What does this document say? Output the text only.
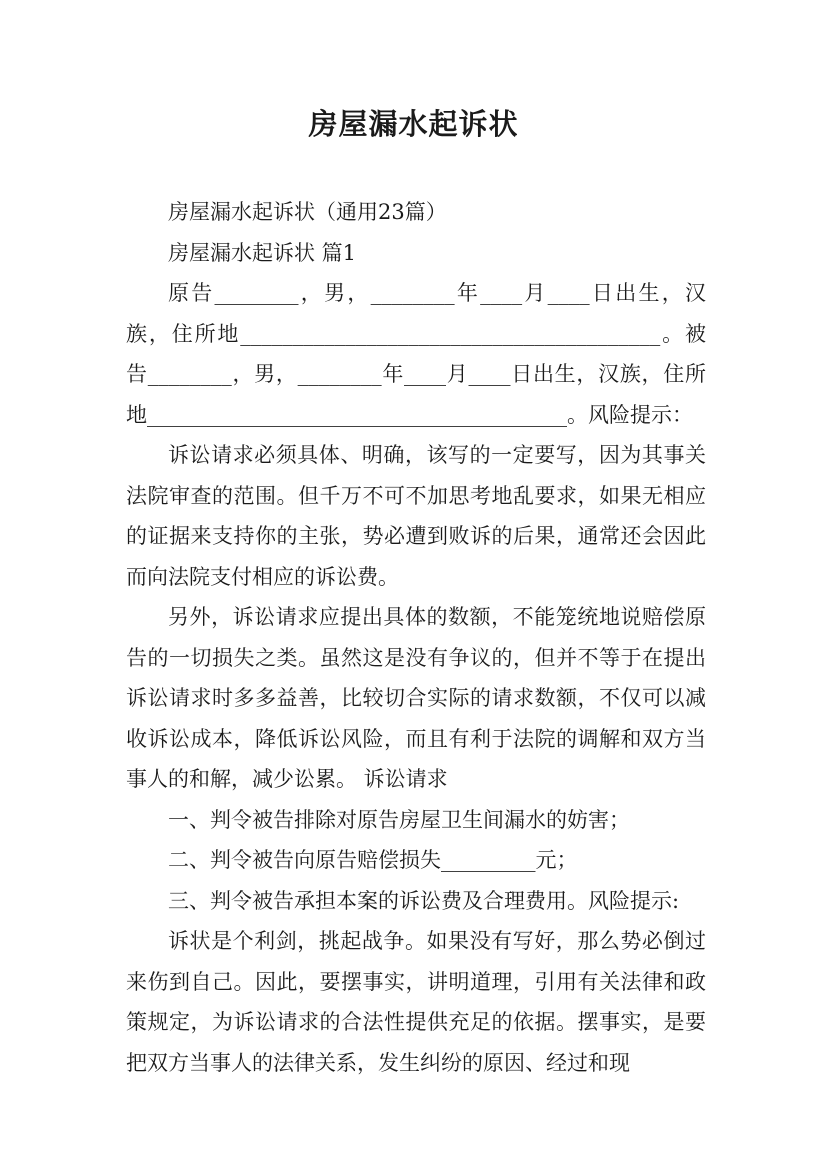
房屋漏水起诉状

房屋漏水起诉状（通用23篇）

房屋漏水起诉状 篇1

原告________，男，________年____月____日出生，汉族，住所地________________________________________。被告________，男，________年____月____日出生，汉族，住所地________________________________________。风险提示：

诉讼请求必须具体、明确，该写的一定要写，因为其事关法院审查的范围。但千万不可不加思考地乱要求，如果无相应的证据来支持你的主张，势必遭到败诉的后果，通常还会因此而向法院支付相应的诉讼费。

另外，诉讼请求应提出具体的数额，不能笼统地说赔偿原告的一切损失之类。虽然这是没有争议的，但并不等于在提出诉讼请求时多多益善，比较切合实际的请求数额，不仅可以减收诉讼成本，降低诉讼风险，而且有利于法院的调解和双方当事人的和解，减少讼累。 诉讼请求

一、判令被告排除对原告房屋卫生间漏水的妨害；

二、判令被告向原告赔偿损失_________元；

三、判令被告承担本案的诉讼费及合理费用。风险提示:

诉状是个利剑，挑起战争。如果没有写好，那么势必倒过来伤到自己。因此，要摆事实，讲明道理，引用有关法律和政策规定，为诉讼请求的合法性提供充足的依据。摆事实，是要把双方当事人的法律关系，发生纠纷的原因、经过和现
